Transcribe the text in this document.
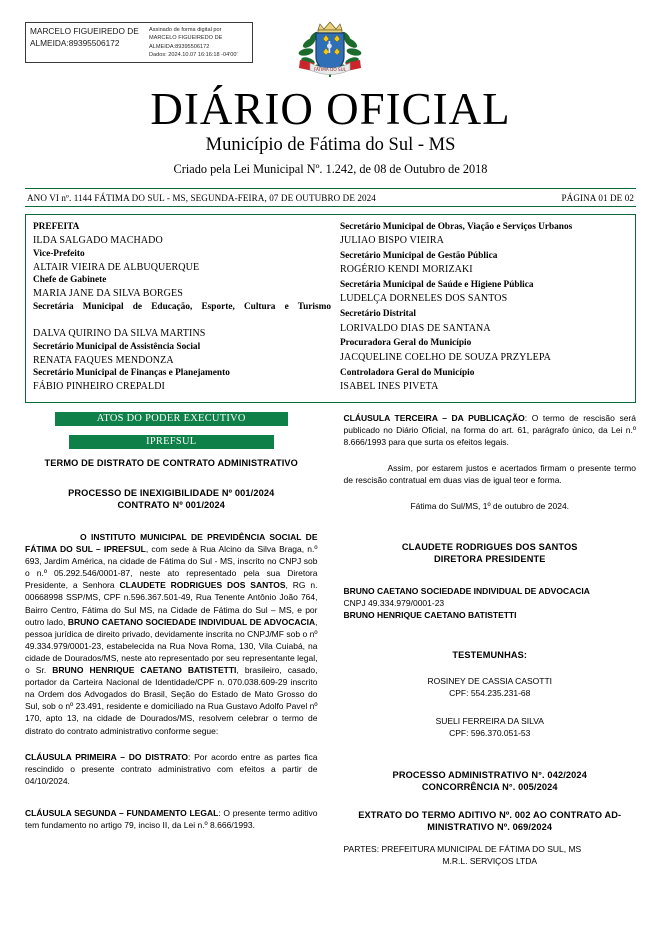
MARCELO FIGUEIREDO DE ALMEIDA:89395506172
Assinado de forma digital por
MARCELO FIGUEIREDO DE
ALMEIDA:89395506172
Dados: 2024.10.07 16:16:18 -04'00'
FÁTIMA DO SUL
DIÁRIO OFICIAL
Município de Fátima do Sul - MS
Criado pela Lei Municipal Nº. 1.242, de 08 de Outubro de 2018
ANO VI nº. 1144 FÁTIMA DO SUL - MS, SEGUNDA-FEIRA, 07 DE OUTUBRO DE 2024	PÁGINA 01 DE 02
PREFEITA
ILDA SALGADO MACHADO
Vice-Prefeito
ALTAIR VIEIRA DE ALBUQUERQUE
Chefe de Gabinete
MARIA JANE DA SILVA BORGES
Secretária Municipal de Educação, Esporte, Cultura e Turismo
DALVA QUIRINO DA SILVA MARTINS
Secretário Municipal de Assistência Social
RENATA FAQUES MENDONZA
Secretário Municipal de Finanças e Planejamento
FÁBIO PINHEIRO CREPALDI
Secretário Municipal de Obras, Viação e Serviços Urbanos
JULIAO BISPO VIEIRA
Secretário Municipal de Gestão Pública
ROGÉRIO KENDI MORIZAKI
Secretária Municipal de Saúde e Higiene Pública
LUDELÇA DORNELES DOS SANTOS
Secretário Distrital
LORIVALDO DIAS DE SANTANA
Procuradora Geral do Município
JACQUELINE COELHO DE SOUZA PRZYLEPA
Controladora Geral do Município
ISABEL INES PIVETA
ATOS DO PODER EXECUTIVO
IPREFSUL
TERMO DE DISTRATO DE CONTRATO ADMINISTRATIVO
PROCESSO DE INEXIGIBILIDADE Nº 001/2024
CONTRATO Nº 001/2024

O INSTITUTO MUNICIPAL DE PREVIDÊNCIA SOCIAL DE FÁTIMA DO SUL – IPREFSUL, com sede à Rua Alcino da Silva Braga, n.º 693, Jardim América, na cidade de Fátima do Sul - MS, inscrito no CNPJ sob o n.º 05.292.546/0001-87, neste ato representado pela sua Diretora Presidente, a Senhora CLAUDETE RODRIGUES DOS SANTOS, RG n. 00668998 SSP/MS, CPF n.596.367.501-49, Rua Tenente Antônio João 764, Bairro Centro, Fátima do Sul MS, na Cidade de Fátima do Sul – MS, e por outro lado, BRUNO CAETANO SOCIEDADE INDIVIDUAL DE ADVOCACIA, pessoa jurídica de direito privado, devidamente inscrita no CNPJ/MF sob o nº 49.334.979/0001-23, estabelecida na Rua Nova Roma, 130, Vila Cuiabá, na cidade de Dourados/MS, neste ato representado por seu representante legal, o Sr. BRUNO HENRIQUE CAETANO BATISTETTI, brasileiro, casado, portador da Carteira Nacional de Identidade/CPF n. 070.038.609-29 inscrito na Ordem dos Advogados do Brasil, Seção do Estado de Mato Grosso do Sul, sob o nº 23.491, residente e domiciliado na Rua Gustavo Adolfo Pavel nº 170, apto 13, na cidade de Dourados/MS, resolvem celebrar o termo de distrato do contrato administrativo conforme segue:

CLÁUSULA PRIMEIRA – DO DISTRATO: Por acordo entre as partes fica rescindido o presente contrato administrativo com efeitos a partir de 04/10/2024.

CLÁUSULA SEGUNDA – FUNDAMENTO LEGAL: O presente termo aditivo tem fundamento no artigo 79, inciso II, da Lei n.º 8.666/1993.

CLÁUSULA TERCEIRA – DA PUBLICAÇÃO: O termo de rescisão será publicado no Diário Oficial, na forma do art. 61, parágrafo único, da Lei n.º 8.666/1993 para que surta os efeitos legais.

Assim, por estarem justos e acertados firmam o presente termo de rescisão contratual em duas vias de igual teor e forma.

Fátima do Sul/MS, 1º de outubro de 2024.

CLAUDETE RODRIGUES DOS SANTOS
DIRETORA PRESIDENTE

BRUNO CAETANO SOCIEDADE INDIVIDUAL DE ADVOCACIA

CNPJ 49.334.979/0001-23

BRUNO HENRIQUE CAETANO BATISTETTI

TESTEMUNHAS:

ROSINEY DE CASSIA CASOTTI

CPF: 554.235.231-68

SUELI FERREIRA DA SILVA

CPF: 596.370.051-53

PROCESSO ADMINISTRATIVO N°. 042/2024
CONCORRÊNCIA N°. 005/2024
EXTRATO DO TERMO ADITIVO Nº. 002 AO CONTRATO AD-
MINISTRATIVO Nº. 069/2024

PARTES: PREFEITURA MUNICIPAL DE FÁTIMA DO SUL, MS

M.R.L. SERVIÇOS LTDA
